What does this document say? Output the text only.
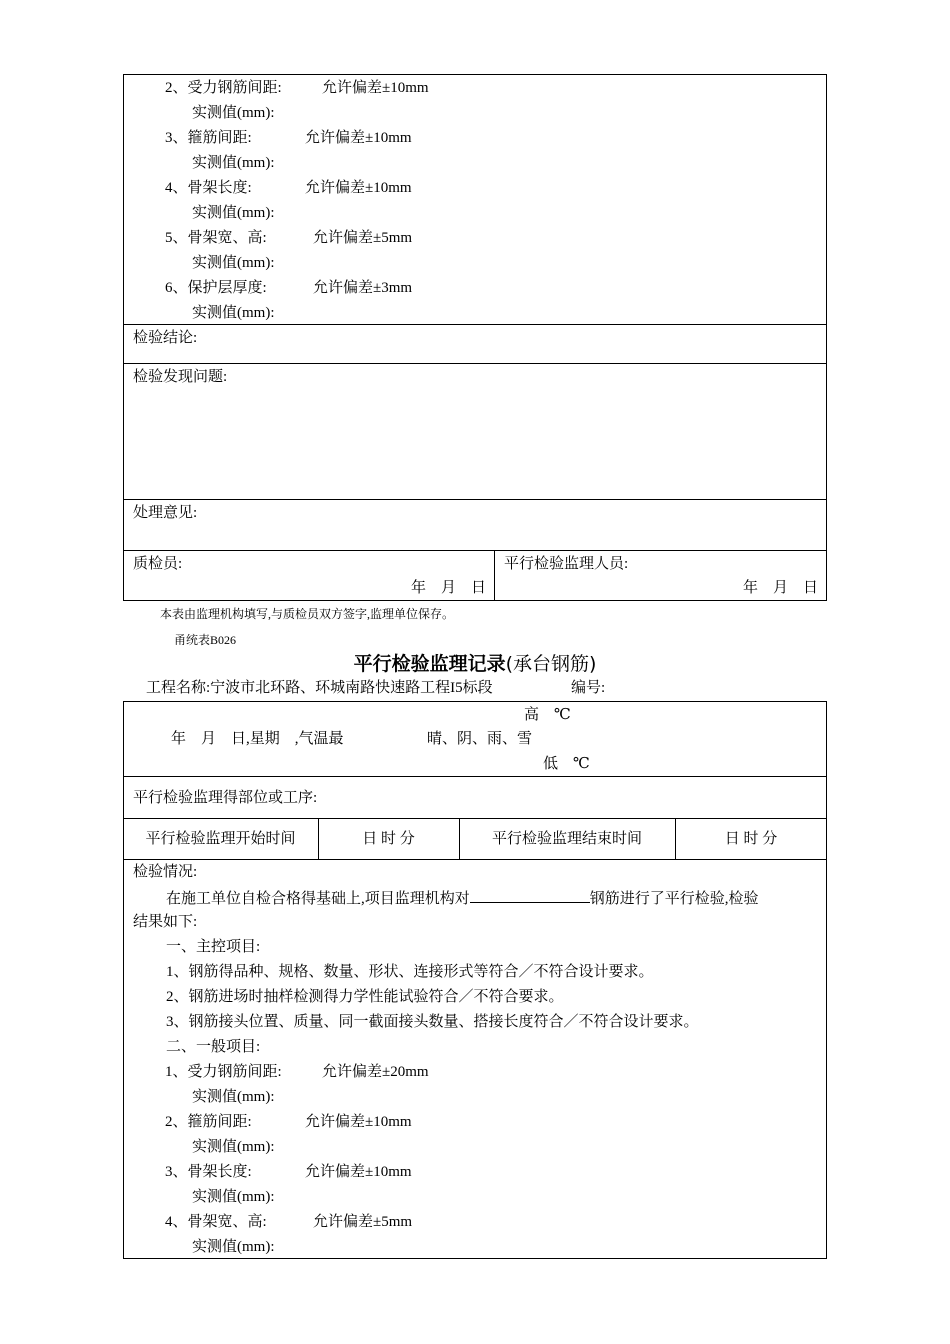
2、受力钢筋间距:	允许偏差±10mm
实测值(mm):
3、箍筋间距:	允许偏差±10mm
实测值(mm):
4、骨架长度:	允许偏差±10mm
实测值(mm):
5、骨架宽、高:	允许偏差±5mm
实测值(mm):
6、保护层厚度:	允许偏差±3mm
实测值(mm):
检验结论:
检验发现问题:
处理意见:
质检员:
年　月　日
平行检验监理人员:
年　月　日
本表由监理机构填写,与质检员双方签字,监理单位保存。
甬统表B026
平行检验监理记录(承台钢筋)
工程名称:宁波市北环路、环城南路快速路工程I5标段	编号:
高　℃
年　月　日,星期　,气温最	晴、阴、雨、雪
低　℃
平行检验监理得部位或工序:
平行检验监理开始时间	日 时 分	平行检验监理结束时间	日 时 分
检验情况:
在施工单位自检合格得基础上,项目监理机构对	钢筋进行了平行检验,检验
结果如下:
一、主控项目:
1、钢筋得品种、规格、数量、形状、连接形式等符合／不符合设计要求。
2、钢筋进场时抽样检测得力学性能试验符合／不符合要求。
3、钢筋接头位置、质量、同一截面接头数量、搭接长度符合／不符合设计要求。
二、一般项目:
1、受力钢筋间距:	允许偏差±20mm
实测值(mm):
2、箍筋间距:	允许偏差±10mm
实测值(mm):
3、骨架长度:	允许偏差±10mm
实测值(mm):
4、骨架宽、高:	允许偏差±5mm
实测值(mm):
